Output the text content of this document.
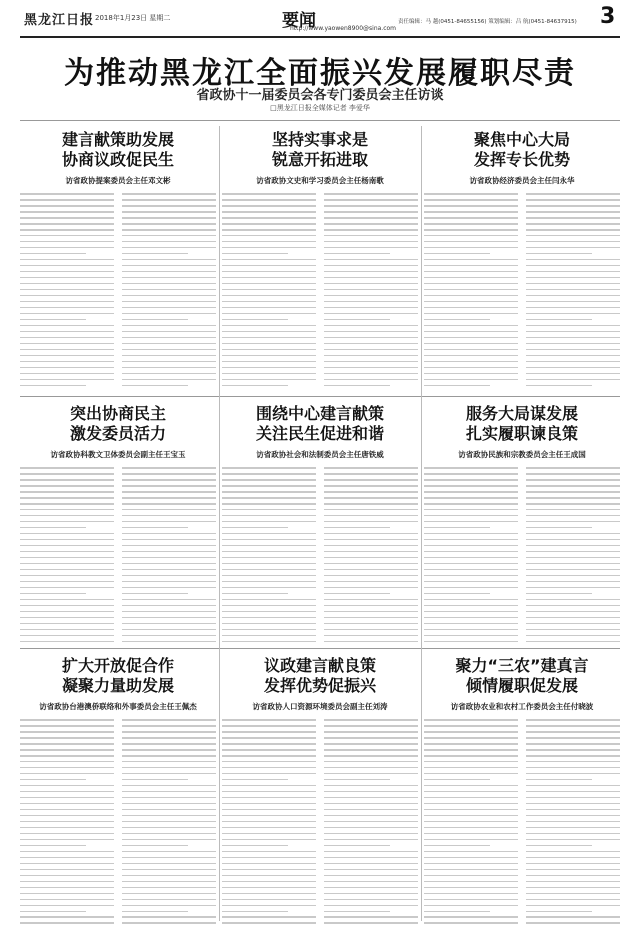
黑龙江日报 2018年1月23日 星期二	要闻
http://www.yaowen8900@sina.com
责任编辑：马 越(0451-84655156) 策划编辑：吕 航(0451-84637915) 3
为推动黑龙江全面振兴发展履职尽责
省政协十一届委员会各专门委员会主任访谈
□黑龙江日报全媒体记者 李爱华
建言献策助发展
协商议政促民生
访省政协提案委员会主任邓文彬
坚持实事求是
锐意开拓进取
访省政协文史和学习委员会主任杨南歌
聚焦中心大局
发挥专长优势
访省政协经济委员会主任闫永华
突出协商民主
激发委员活力
访省政协科教文卫体委员会副主任王宝玉
围绕中心建言献策
关注民生促进和谐
访省政协社会和法制委员会主任唐铁威
服务大局谋发展
扎实履职谏良策
访省政协民族和宗教委员会主任王成国
扩大开放促合作
凝聚力量助发展
访省政协台港澳侨联络和外事委员会主任王佩杰
议政建言献良策
发挥优势促振兴
访省政协人口资源环境委员会副主任刘涛
聚力“三农”建真言
倾情履职促发展
访省政协农业和农村工作委员会主任付晓波
